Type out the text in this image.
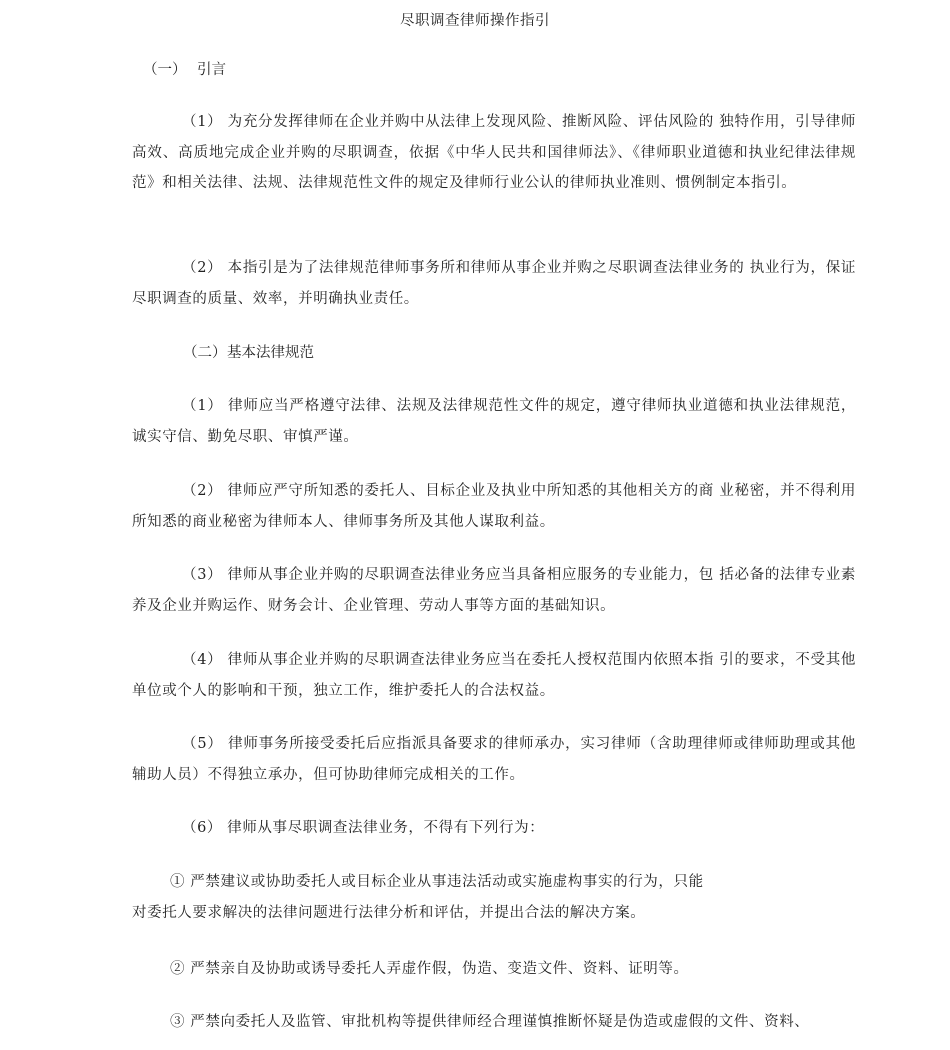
尽职调查律师操作指引
（一） 引言
（1） 为充分发挥律师在企业并购中从法律上发现风险、推断风险、评估风险的 独特作用，引导律师高效、高质地完成企业并购的尽职调查，依据《中华人民共和国律师法》、《律师职业道德和执业纪律法律规范》和相关法律、法规、法律规范性文件的规定及律师行业公认的律师执业准则、惯例制定本指引。
（2） 本指引是为了法律规范律师事务所和律师从事企业并购之尽职调查法律业务的 执业行为，保证尽职调查的质量、效率，并明确执业责任。
（二）基本法律规范
（1） 律师应当严格遵守法律、法规及法律规范性文件的规定，遵守律师执业道德和执业法律规范，诚实守信、勤免尽职、审慎严谨。
（2） 律师应严守所知悉的委托人、目标企业及执业中所知悉的其他相关方的商 业秘密，并不得利用所知悉的商业秘密为律师本人、律师事务所及其他人谋取利益。
（3） 律师从事企业并购的尽职调查法律业务应当具备相应服务的专业能力，包 括必备的法律专业素养及企业并购运作、财务会计、企业管理、劳动人事等方面的基础知识。
（4） 律师从事企业并购的尽职调查法律业务应当在委托人授权范围内依照本指 引的要求，不受其他单位或个人的影响和干预，独立工作，维护委托人的合法权益。
（5） 律师事务所接受委托后应指派具备要求的律师承办，实习律师（含助理律师或律师助理或其他辅助人员）不得独立承办，但可协助律师完成相关的工作。
（6） 律师从事尽职调查法律业务，不得有下列行为：
① 严禁建议或协助委托人或目标企业从事违法活动或实施虚构事实的行为，只能
对委托人要求解决的法律问题进行法律分析和评估，并提出合法的解决方案。
② 严禁亲自及协助或诱导委托人弄虚作假，伪造、变造文件、资料、证明等。
③ 严禁向委托人及监管、审批机构等提供律师经合理谨慎推断怀疑是伪造或虚假的文件、资料、
